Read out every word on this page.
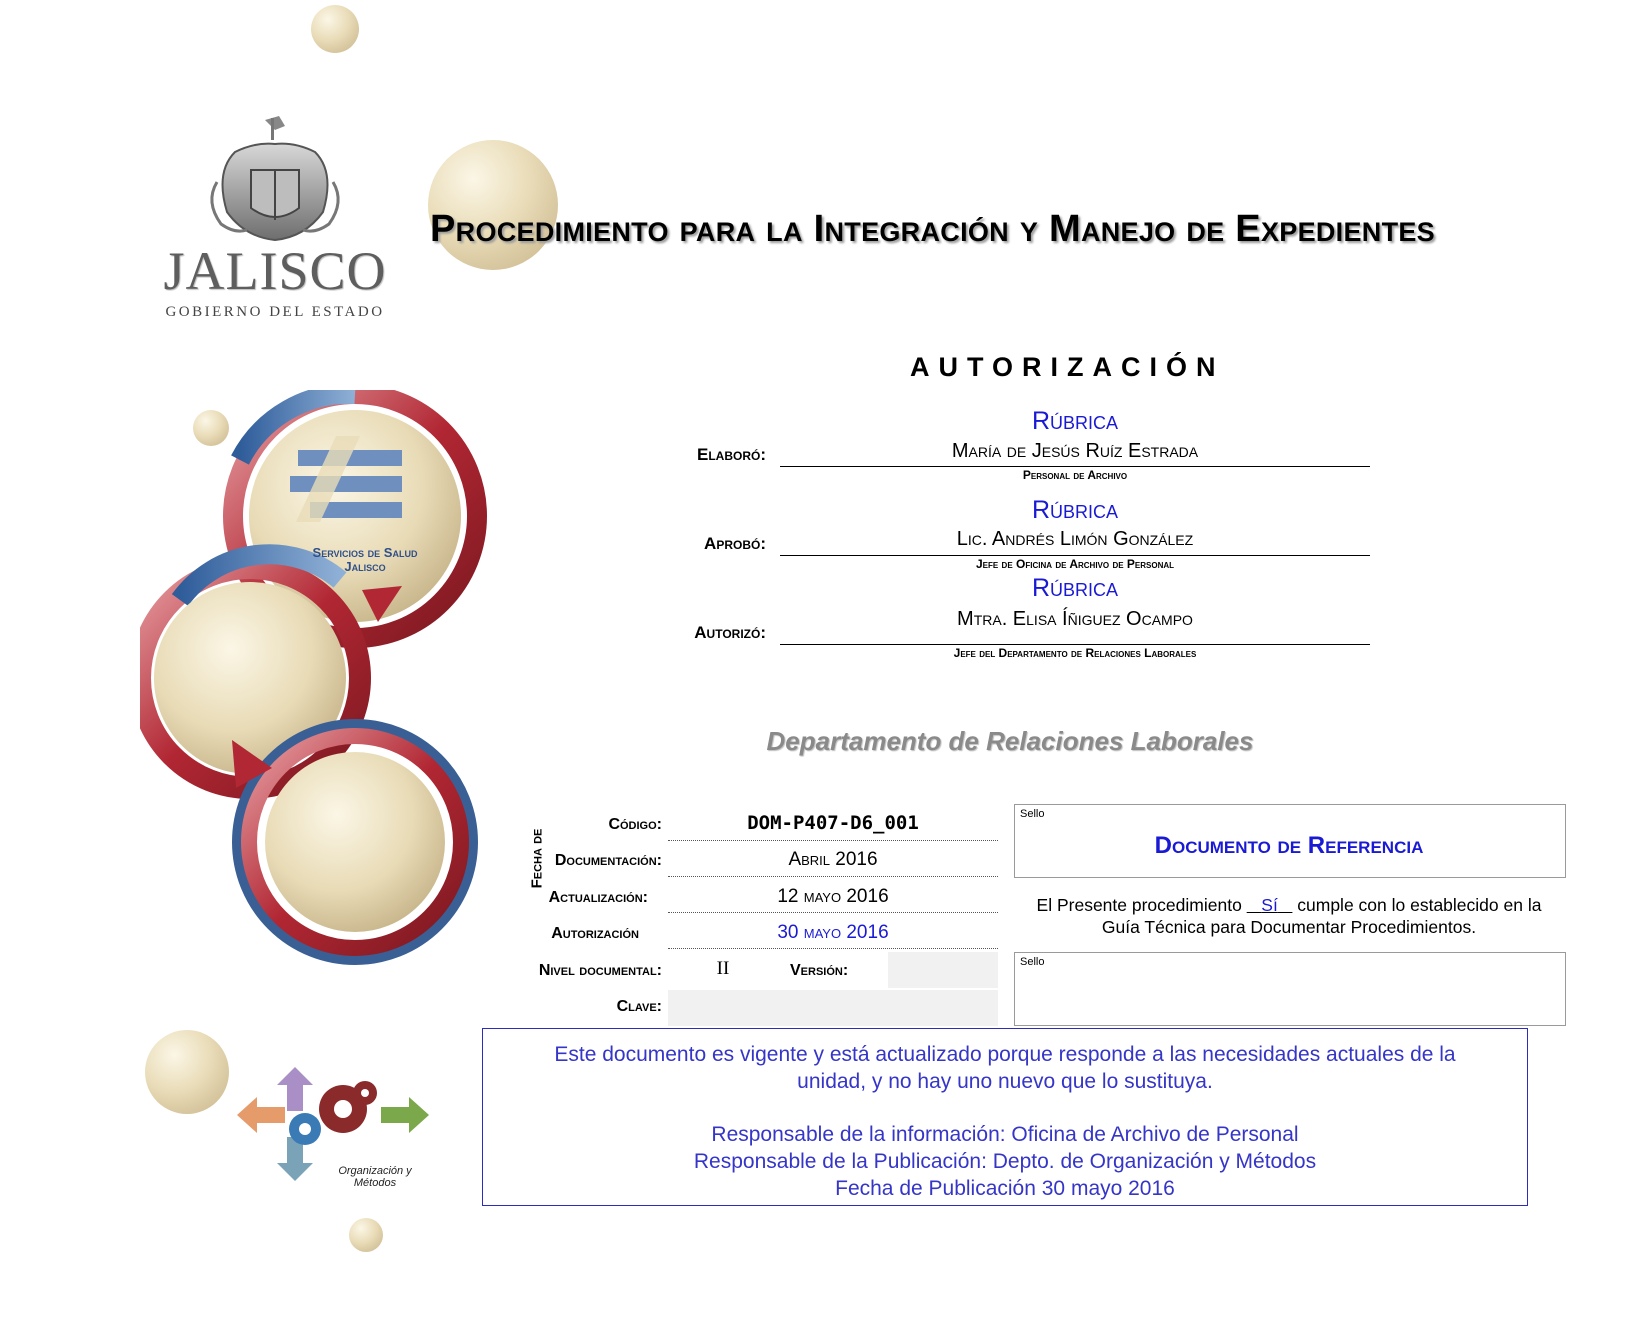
JALISCO
GOBIERNO DEL ESTADO
Procedimiento para la Integración y Manejo de Expedientes
Servicios de Salud
Jalisco
Organización y
Métodos
AUTORIZACIÓN
Rúbrica
Elaboró:	María de Jesús Ruíz Estrada
Personal de Archivo
Rúbrica
Aprobó:	Lic. Andrés Limón González
Jefe de Oficina de Archivo de Personal
Rúbrica
Autorizó:
Mtra. Elisa Íñiguez Ocampo
Jefe del Departamento de Relaciones Laborales
Departamento de Relaciones Laborales
Código:	DOM-P407-D6_001
Fecha de Documentación:	Abril 2016
Actualización:	12 mayo 2016
Autorización	30 mayo 2016
Nivel documental:	II	Versión:
Clave:
Sello
Documento de Referencia
El Presente procedimiento    Sí    cumple con lo establecido en la
Guía Técnica para Documentar Procedimientos.
Sello
Este documento es vigente y está actualizado porque responde a las necesidades actuales de la
unidad, y no hay uno nuevo que lo sustituya.
Responsable de la información: Oficina de Archivo de Personal
Responsable de la Publicación: Depto. de Organización y Métodos
Fecha de Publicación 30 mayo 2016
